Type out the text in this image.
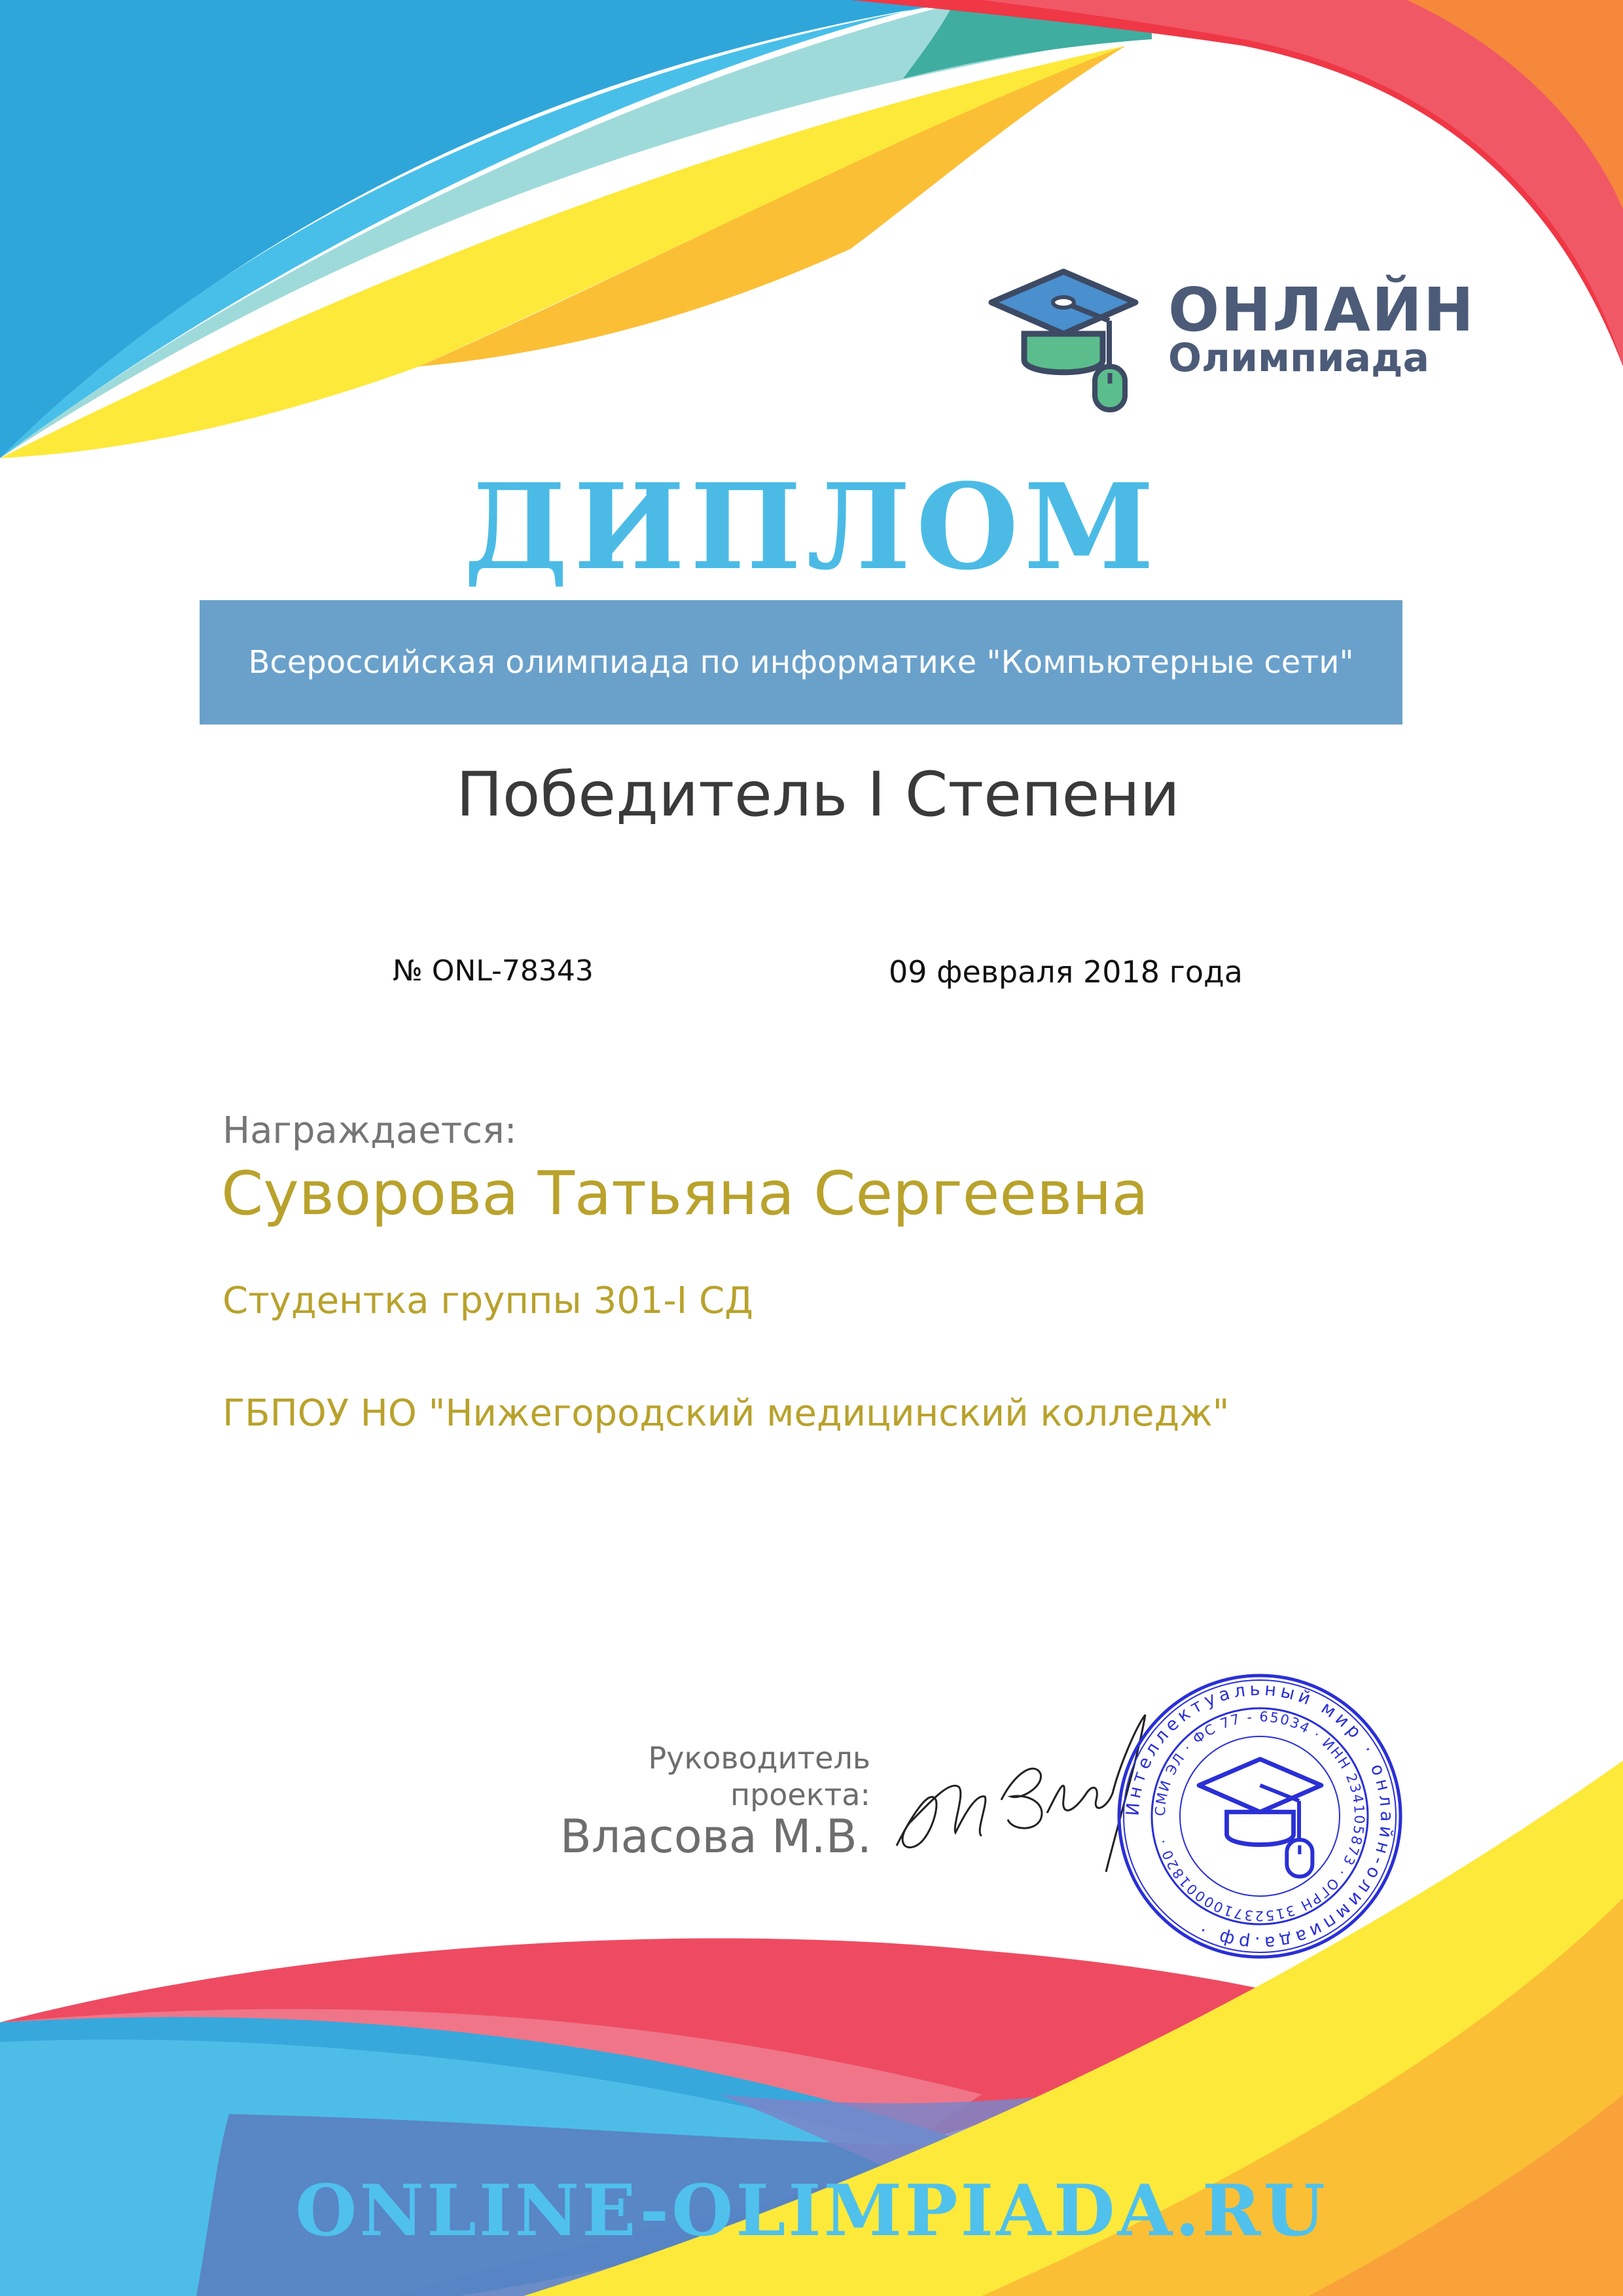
ОНЛАЙН
Олимпиада
ДИПЛОМ
Всероссийская олимпиада по информатике "Компьютерные сети"
Победитель I Степени
№ ONL-78343	09 февраля 2018 года
Награждается:
Суворова Татьяна Сергеевна
Студентка группы 301-I СД
ГБПОУ НО "Нижегородский медицинский колледж"
Руководитель
проекта:
Власова М.В.
Интеллектуальный мир · онлайн-олимпиада.рф ·
СМИ ЭЛ · ФС 77 - 65034 · ИНН 234105873 · ОГРН 315237100001820 ·
ONLINE-OLIMPIADA.RU
